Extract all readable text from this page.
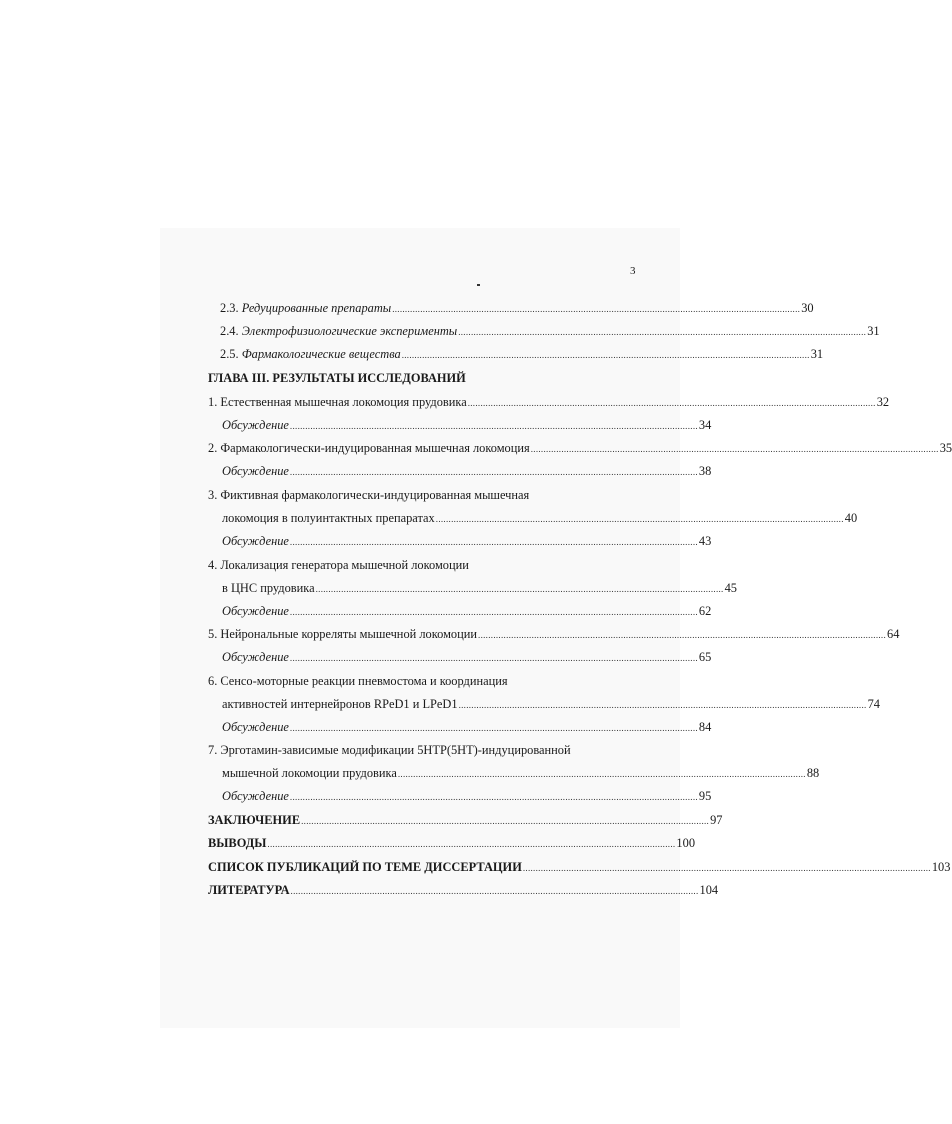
3
2.3. Редуцированные препараты ................................................................................................................................................................ 30
2.4. Электрофизиологические эксперименты ................................................................................................................................................................ 31
2.5. Фармакологические вещества ................................................................................................................................................................ 31
ГЛАВА III. РЕЗУЛЬТАТЫ ИССЛЕДОВАНИЙ
1. Естественная мышечная локомоция прудовика ................................................................................................................................................................ 32
Обсуждение ................................................................................................................................................................ 34
2. Фармакологически-индуцированная мышечная локомоция ................................................................................................................................................................ 35
Обсуждение ................................................................................................................................................................ 38
3. Фиктивная фармакологически-индуцированная мышечная
локомоция в полуинтактных препаратах ................................................................................................................................................................ 40
Обсуждение ................................................................................................................................................................ 43
4. Локализация генератора мышечной локомоции
в ЦНС прудовика ................................................................................................................................................................ 45
Обсуждение ................................................................................................................................................................ 62
5. Нейрональные корреляты мышечной локомоции ................................................................................................................................................................ 64
Обсуждение ................................................................................................................................................................ 65
6. Сенсо-моторные реакции пневмостома и координация
активностей интернейронов RPeD1 и LPeD1 ................................................................................................................................................................ 74
Обсуждение ................................................................................................................................................................ 84
7. Эрготамин-зависимые модификации 5НТР(5НТ)-индуцированной
мышечной локомоции прудовика ................................................................................................................................................................ 88
Обсуждение ................................................................................................................................................................ 95
ЗАКЛЮЧЕНИЕ ................................................................................................................................................................ 97
ВЫВОДЫ ................................................................................................................................................................ 100
СПИСОК ПУБЛИКАЦИЙ ПО ТЕМЕ ДИССЕРТАЦИИ ................................................................................................................................................................ 103
ЛИТЕРАТУРА ................................................................................................................................................................ 104
